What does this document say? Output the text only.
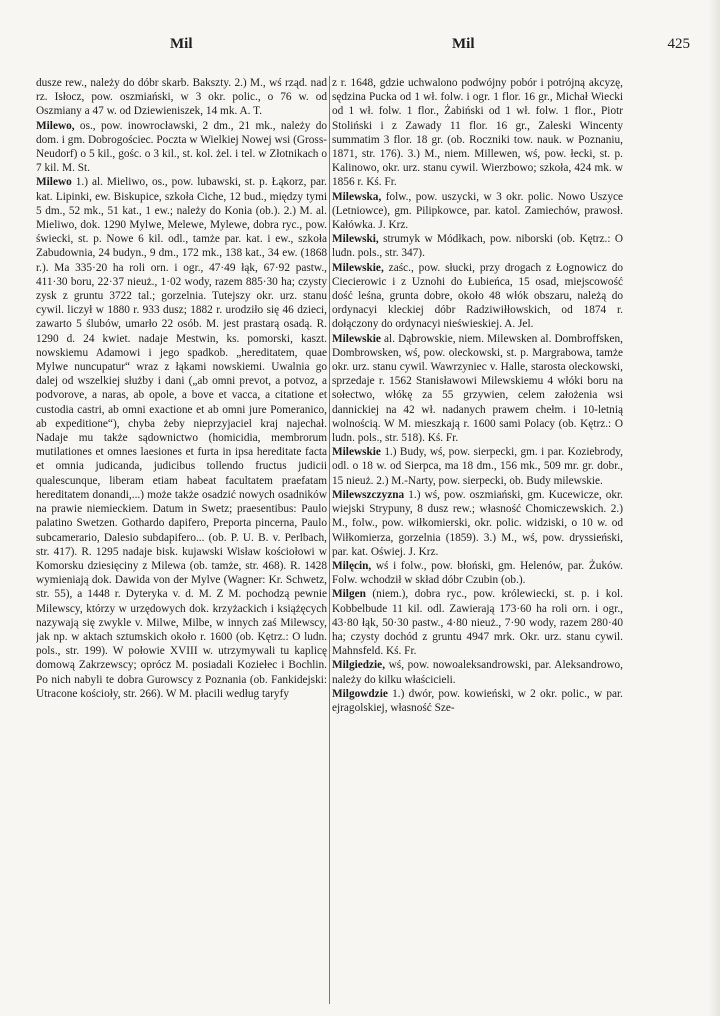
Mil	Mil	425

dusze rew., należy do dóbr skarb. Bakszty. 2.) M., wś rząd. nad rz. Isłocz, pow. oszmiański, w 3 okr. polic., o 76 w. od Oszmiany a 47 w. od Dziewieniszek, 14 mk. A. T.

Milewo, os., pow. inowrocławski, 2 dm., 21 mk., należy do dom. i gm. Dobrogościec. Poczta w Wielkiej Nowej wsi (Gross-Neudorf) o 5 kil., gośc. o 3 kil., st. kol. żel. i tel. w Złotnikach o 7 kil. M. St.

Milewo 1.) al. Mieliwo, os., pow. lubawski, st. p. Łąkorz, par. kat. Lipinki, ew. Biskupice, szkoła Ciche, 12 bud., między tymi 5 dm., 52 mk., 51 kat., 1 ew.; należy do Konia (ob.). 2.) M. al. Mieliwo, dok. 1290 Mylwe, Melewe, Mylewe, dobra ryc., pow. świecki, st. p. Nowe 6 kil. odl., tamże par. kat. i ew., szkoła Zabudownia, 24 budyn., 9 dm., 172 mk., 138 kat., 34 ew. (1868 r.). Ma 335·20 ha roli orn. i ogr., 47·49 łąk, 67·92 pastw., 411·30 boru, 22·37 nieuż., 1·02 wody, razem 885·30 ha; czysty zysk z gruntu 3722 tal.; gorzelnia. Tutejszy okr. urz. stanu cywil. liczył w 1880 r. 933 dusz; 1882 r. urodziło się 46 dzieci, zawarto 5 ślubów, umarło 22 osób. M. jest prastarą osadą. R. 1290 d. 24 kwiet. nadaje Mestwin, ks. pomorski, kaszt. nowskiemu Adamowi i jego spadkob. „hereditatem, quae Mylwe nuncupatur“ wraz z łąkami nowskiemi. Uwalnia go dalej od wszelkiej służby i dani („ab omni prevot, a potvoz, a podvorove, a naras, ab opole, a bove et vacca, a citatione et custodia castri, ab omni exactione et ab omni jure Pomeranico, ab expeditione“), chyba żeby nieprzyjaciel kraj najechał. Nadaje mu także sądownictwo (homicidia, membrorum mutilationes et omnes laesiones et furta in ipsa hereditate facta et omnia judicanda, judicibus tollendo fructus judicii qualescunque, liberam etiam habeat facultatem praefatam hereditatem donandi,...) może także osadzić nowych osadników na prawie niemieckiem. Datum in Swetz; praesentibus: Paulo palatino Swetzen. Gothardo dapifero, Preporta pincerna, Paulo subcamerario, Dalesio subdapifero... (ob. P. U. B. v. Perlbach, str. 417). R. 1295 nadaje bisk. kujawski Wisław kościołowi w Komorsku dziesięciny z Milewa (ob. tamże, str. 468). R. 1428 wymieniają dok. Dawida von der Mylve (Wagner: Kr. Schwetz, str. 55), a 1448 r. Dyteryka v. d. M. Z M. pochodzą pewnie Milewscy, którzy w urzędowych dok. krzyżackich i książęcych nazywają się zwykle v. Milwe, Milbe, w innych zaś Milewscy, jak np. w aktach sztumskich około r. 1600 (ob. Kętrz.: O ludn. pols., str. 199). W połowie XVIII w. utrzymywali tu kaplicę domową Zakrzewscy; oprócz M. posiadali Koziełec i Bochlin. Po nich nabyli te dobra Gurowscy z Poznania (ob. Fankidejski: Utracone kościoły, str. 266). W M. płacili według taryfy

z r. 1648, gdzie uchwalono podwójny pobór i potrójną akcyzę, sędzina Pucka od 1 wł. folw. i ogr. 1 flor. 16 gr., Michał Wiecki od 1 wł. folw. 1 flor., Żabiński od 1 wł. folw. 1 flor., Piotr Stoliński i z Zawady 11 flor. 16 gr., Zaleski Wincenty summatim 3 flor. 18 gr. (ob. Roczniki tow. nauk. w Poznaniu, 1871, str. 176). 3.) M., niem. Millewen, wś, pow. łecki, st. p. Kalinowo, okr. urz. stanu cywil. Wierzbowo; szkoła, 424 mk. w 1856 r. Kś. Fr.

Milewska, folw., pow. uszycki, w 3 okr. polic. Nowo Uszyce (Letniowce), gm. Pilipkowce, par. katol. Zamiechów, prawosł. Kałówka. J. Krz.

Milewski, strumyk w Módłkach, pow. niborski (ob. Kętrz.: O ludn. pols., str. 347).

Milewskie, zaśc., pow. słucki, przy drogach z Łognowicz do Ciecierowic i z Uznohi do Łubieńca, 15 osad, miejscowość dość leśna, grunta dobre, około 48 włók obszaru, należą do ordynacyi kleckiej dóbr Radziwiłłowskich, od 1874 r. dołączony do ordynacyi nieświeskiej. A. Jel.

Milewskie al. Dąbrowskie, niem. Milewsken al. Dombroffsken, Dombrowsken, wś, pow. oleckowski, st. p. Margrabowa, tamże okr. urz. stanu cywil. Wawrzyniec v. Halle, starosta oleckowski, sprzedaje r. 1562 Stanisławowi Milewskiemu 4 włóki boru na sołectwo, włókę za 55 grzywien, celem założenia wsi dannickiej na 42 wł. nadanych prawem chełm. i 10-letnią wolnością. W M. mieszkają r. 1600 sami Polacy (ob. Kętrz.: O ludn. pols., str. 518). Kś. Fr.

Milewskie 1.) Budy, wś, pow. sierpecki, gm. i par. Koziebrody, odl. o 18 w. od Sierpca, ma 18 dm., 156 mk., 509 mr. gr. dobr., 15 nieuż. 2.) M.-Narty, pow. sierpecki, ob. Budy milewskie.

Milewszczyzna 1.) wś, pow. oszmiański, gm. Kucewicze, okr. wiejski Strypuny, 8 dusz rew.; własność Chomiczewskich. 2.) M., folw., pow. wiłkomierski, okr. polic. widziski, o 10 w. od Wiłkomierza, gorzelnia (1859). 3.) M., wś, pow. dryssieński, par. kat. Oświej. J. Krz.

Milęcin, wś i folw., pow. błoński, gm. Helenów, par. Żuków. Folw. wchodził w skład dóbr Czubin (ob.).

Milgen (niem.), dobra ryc., pow. królewiecki, st. p. i kol. Kobbelbude 11 kil. odl. Zawierają 173·60 ha roli orn. i ogr., 43·80 łąk, 50·30 pastw., 4·80 nieuż., 7·90 wody, razem 280·40 ha; czysty dochód z gruntu 4947 mrk. Okr. urz. stanu cywil. Mahnsfeld. Kś. Fr.

Milgiedzie, wś, pow. nowoaleksandrowski, par. Aleksandrowo, należy do kilku właścicieli.

Milgowdzie 1.) dwór, pow. kowieński, w 2 okr. polic., w par. ejragolskiej, własność Sze-
